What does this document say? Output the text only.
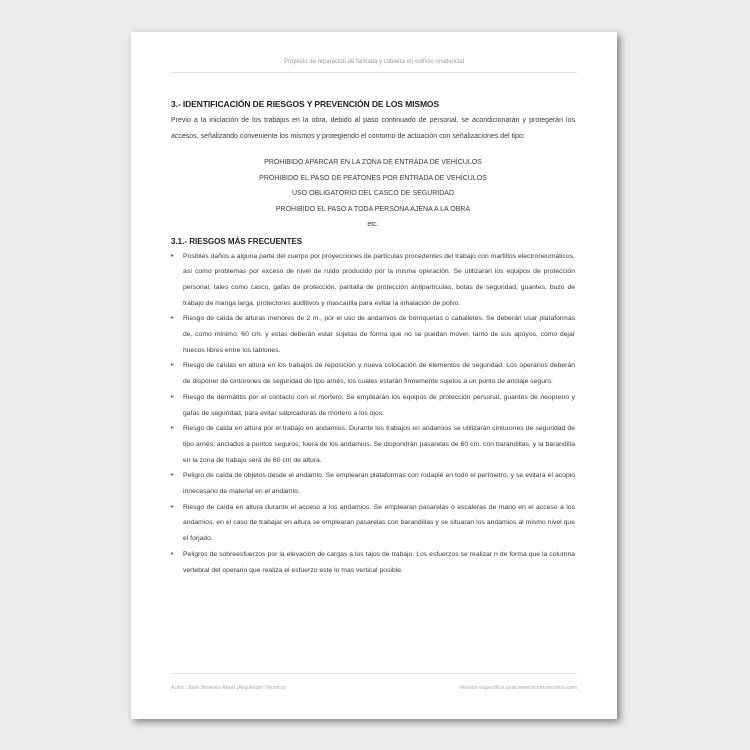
Proyecto de reparación de fachada y cubierta en edificio residencial
3.- IDENTIFICACIÓN DE RIESGOS Y PREVENCIÓN DE LOS MISMOS

Previo a la iniciación de los trabajos en la obra, debido al paso continuado de personal, se acondicionarán y protegerán los accesos, señalizando conveniente los mismos y protegiendo el contorno de actuación con señalizaciones del tipo:

PROHIBIDO APARCAR EN LA ZONA DE ENTRADA DE VEHÍCULOS
PROHIBIDO EL PASO DE PEATONES POR ENTRADA DE VEHÍCULOS
USO OBLIGATORIO DEL CASCO DE SEGURIDAD
PROHIBIDO EL PASO A TODA PERSONA AJENA A LA OBRA
etc.
3.1.- RIESGOS MÁS FRECUENTES
▸ Posibles daños a alguna parte del cuerpo por proyecciones de partículas procedentes del trabajo con martillos electroneumáticos, así como problemas por exceso de nivel de ruido producido por la misma operación. Se utilizarán los equipos de protección personal, tales como casco, gafas de protección, pantalla de protección antipartículas, botas de seguridad, guantes, buzo de trabajo de manga larga, protectores auditivos y mascarilla para evitar la inhalación de polvo.
▸ Riesgo de caída de alturas menores de 2 m., por el uso de andamios de borriquetas o caballetes. Se deberán usar plataformas de, como mínimo, 60 cm. y estas deberán estar sujetas de forma que no se puedan mover, tanto de sus apoyos, como dejar huecos libres entre los tablones.
▸ Riesgo de caídas en altura en los trabajos de reposición y nueva colocación de elementos de seguridad. Los operarios deberán de disponer de cinturones de seguridad de tipo arnés, los cuales estarán firmemente sujetos a un punto de anclaje seguro.
▸ Riesgo de dermatitis por el contacto con el mortero. Se emplearán los equipos de protección personal, guantes de neopreno y gafas de seguridad, para evitar salpicaduras de mortero a los ojos.
▸ Riesgo de caída en altura por el trabajo en andamios. Durante los trabajos en andamios se utilizarán cinturones de seguridad de tipo arnés, anclados a puntos seguros, fuera de los andamios. Se dispondrán pasarelas de 60 cm. con barandillas, y la barandilla en la zona de trabajo será de 60 cm de altura.
▸ Peligro de caída de objetos desde el andamio. Se emplearan plataformas con rodapié en todo el perímetro, y se evitara el acopio innecesario de material en el andamio.
▸ Riesgo de caída en altura durante el acceso a los andamios. Se emplearan pasarelas o escaleras de mano en el acceso a los andamios, en el caso de trabajar en altura se emplearan pasarelas con barandillas y se situaran los andamios al mismo nivel que el forjado.
▸ Peligros de sobreesfuerzos por la elevación de cargas a los tajos de trabajo. Los esfuerzos se realizar n de forma que la columna vertebral del operario que realiza el esfuerzo este lo mas vertical posible.
Autor: José Jiménez Abad (Arquitecto Técnico)	Versión específica para www.ficherotecnico.com
